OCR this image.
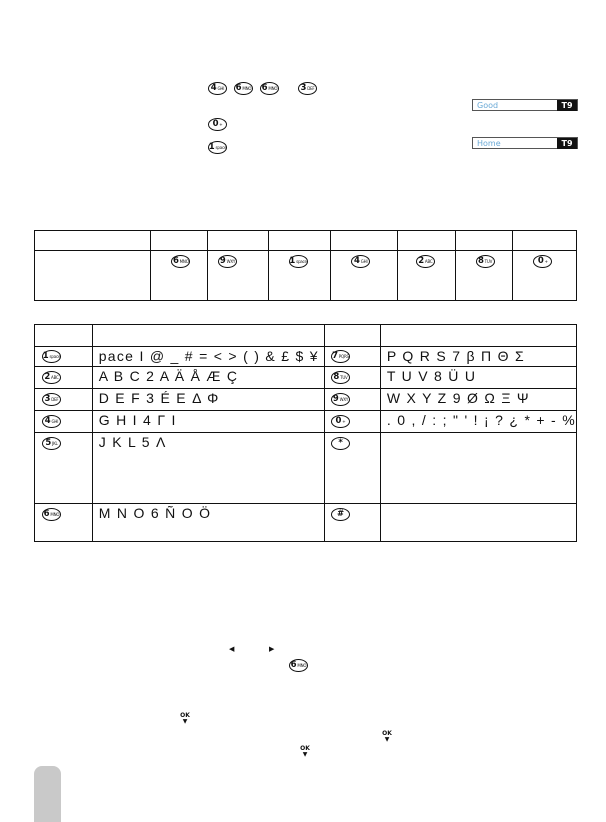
4 GHI 6 MNO 6 MNO	3 DEF
0 +
1 space
Good	T9
Home	T9

	6 MNO	9 WXY	1 space	4 GHI	2 ABC	8 TUV	0 +

1 space	pace I @ _ # = < > ( ) & £ $ ¥	7 PQRS	P Q R S 7 β Π Θ Σ

2 ABC	A B C 2 A Ä Å Æ Ç	8 TUV	T U V 8 Ü U

3 DEF	D E F 3 É E Δ Φ	9 WXY	W X Y Z 9 Ø Ω Ξ Ψ

4 GHI	G H I 4 Γ I	0 +	. 0 , / : ; " ' ! ¡ ? ¿ * + - %

5 JKL	J K L 5 Λ	*	

6 MNO	M N O 6 Ñ O Ö	#	

◀	▶
6 MNO
OK
▼
OK
▼
OK
▼
